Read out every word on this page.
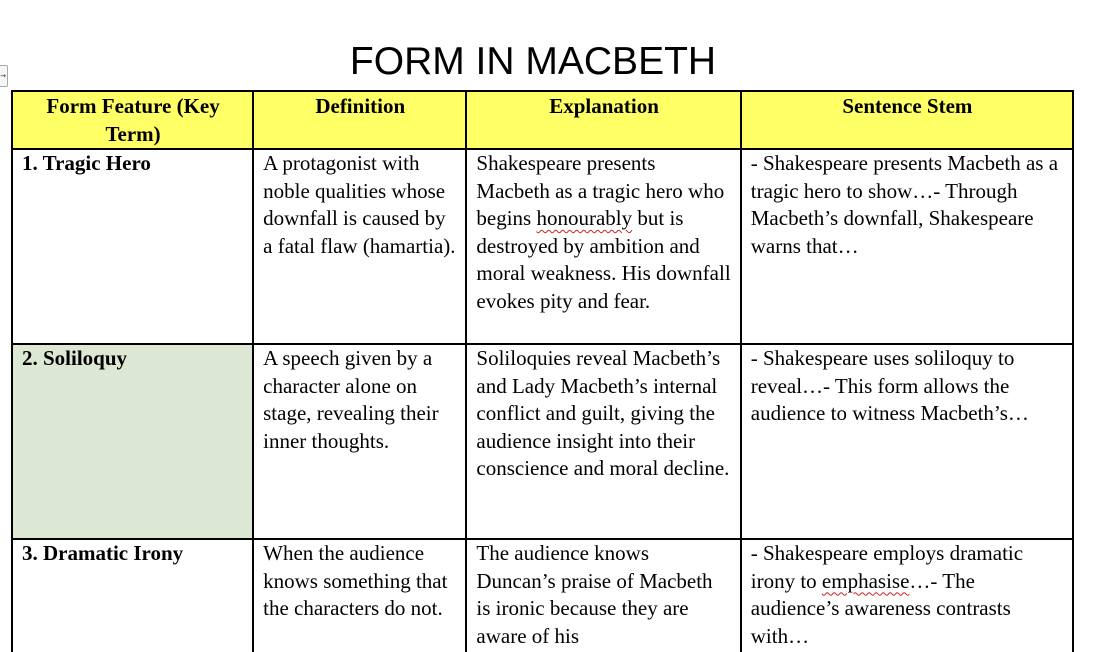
FORM IN MACBETH
→
Form Feature (Key Term)	Definition	Explanation	Sentence Stem
1. Tragic Hero	A protagonist with noble qualities whose downfall is caused by a fatal flaw (hamartia).	Shakespeare presents Macbeth as a tragic hero who begins honourably but is destroyed by ambition and moral weakness. His downfall evokes pity and fear.	- Shakespeare presents Macbeth as a tragic hero to show…- Through Macbeth’s downfall, Shakespeare warns that…
2. Soliloquy	A speech given by a character alone on stage, revealing their inner thoughts.	Soliloquies reveal Macbeth’s and Lady Macbeth’s internal conflict and guilt, giving the audience insight into their conscience and moral decline.	- Shakespeare uses soliloquy to reveal…- This form allows the audience to witness Macbeth’s…
3. Dramatic Irony	When the audience knows something that the characters do not.	The audience knows Duncan’s praise of Macbeth is ironic because they are aware of his	- Shakespeare employs dramatic irony to emphasise…- The audience’s awareness contrasts with…
